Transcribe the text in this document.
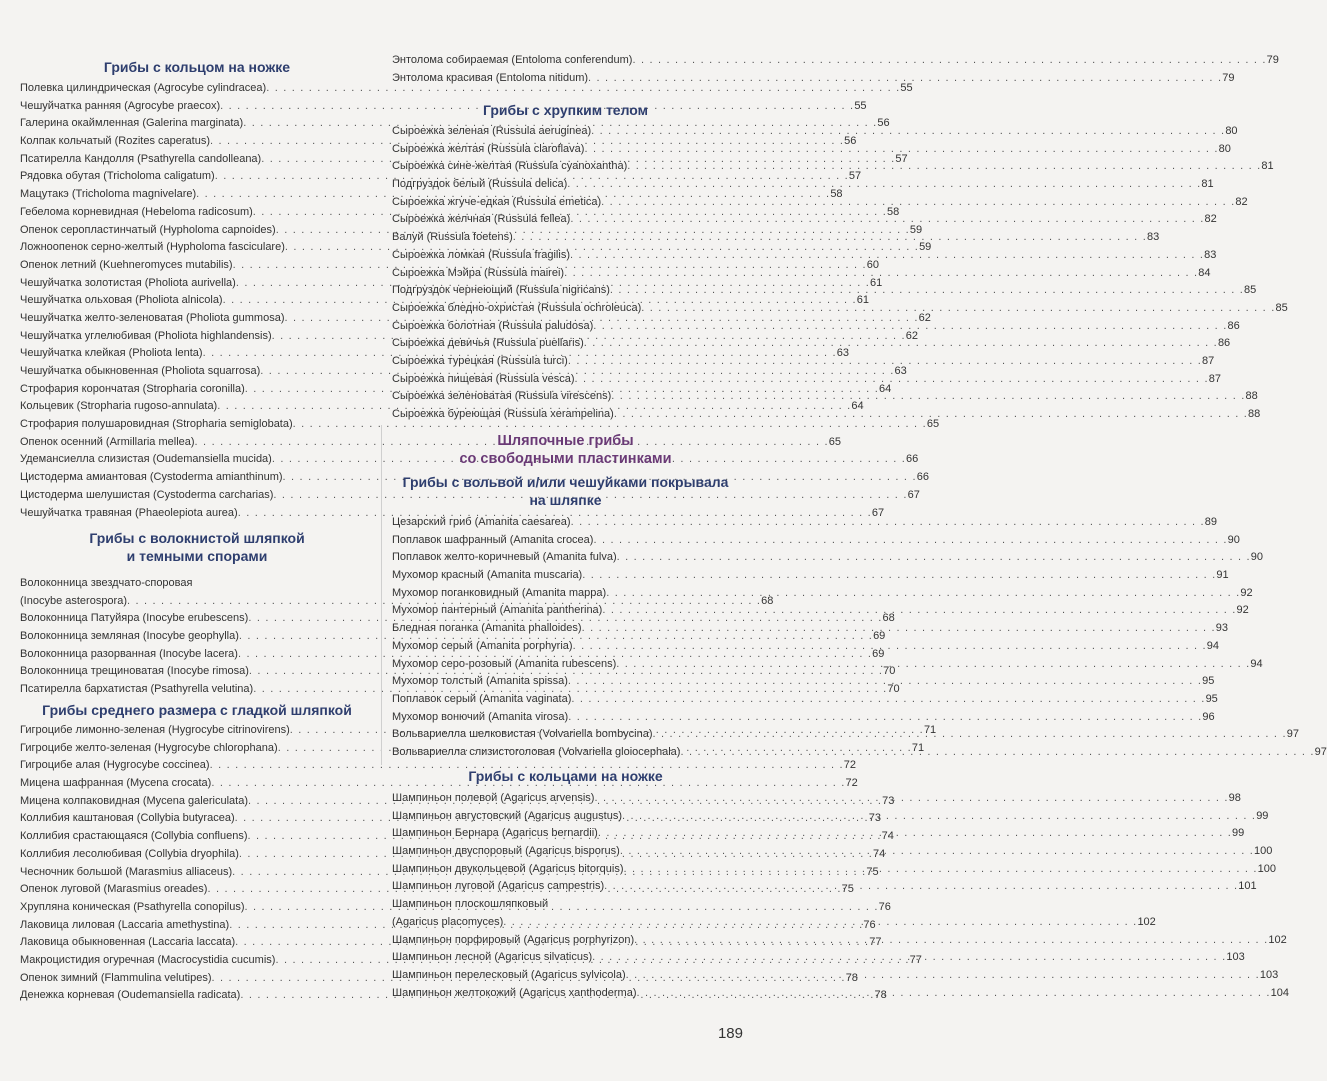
Грибы с кольцом на ножке
Полевка цилиндрическая (Agrocybe cylindracea) . . .	55
Чешуйчатка ранняя (Agrocybe praecox) . . .	55
Галерина окаймленная (Galerina marginata) . . .	56
Колпак кольчатый (Rozites caperatus) . . .	56
Псатирелла Кандолля (Psathyrella candolleana) . . .	57
Рядовка обутая (Tricholoma caligatum) . . .	57
Мацутакэ (Tricholoma magnivelare) . . .	58
Гебелома корневидная (Hebeloma radicosum) . . .	58
Опенок серопластинчатый (Hypholoma capnoides) . . .	59
Ложноопенок серно-желтый (Hypholoma fasciculare) . . .	59
Опенок летний (Kuehneromyces mutabilis) . . .	60
Чешуйчатка золотистая (Pholiota aurivella) . . .	61
Чешуйчатка ольховая (Pholiota alnicola) . . .	61
Чешуйчатка желто-зеленоватая (Pholiota gummosa) . . .	62
Чешуйчатка углелюбивая (Pholiota highlandensis) . . .	62
Чешуйчатка клейкая (Pholiota lenta) . . .	63
Чешуйчатка обыкновенная (Pholiota squarrosa) . . .	63
Строфария корончатая (Stropharia coronilla) . . .	64
Кольцевик (Stropharia rugoso-annulata) . . .	64
Строфария полушаровидная (Stropharia semiglobata) . . .	65
Опенок осенний (Armillaria mellea) . . .	65
Удемансиелла слизистая (Oudemansiella mucida) . . .	66
Цистодерма амиантовая (Cystoderma amianthinum) . . .	66
Цистодерма шелушистая (Cystoderma carcharias) . . .	67
Чешуйчатка травяная (Phaeolepiota aurea) . . .	67
Грибы с волокнистой шляпкой
и темными спорами
Волоконница звездчато-споровая
(Inocybe asterospora) . . .	68
Волоконница Патуйяра (Inocybe erubescens) . . .	68
Волоконница земляная (Inocybe geophylla) . . .	69
Волоконница разорванная (Inocybe lacera) . . .	69
Волоконница трещиноватая (Inocybe rimosa) . . .	70
Псатирелла бархатистая (Psathyrella velutina) . . .	70
Грибы среднего размера с гладкой шляпкой
Гигроцибе лимонно-зеленая (Hygrocybe citrinovirens) . . .	71
Гигроцибе желто-зеленая (Hygrocybe chlorophana) . . .	71
Гигроцибе алая (Hygrocybe coccinea) . . .	72
Мицена шафранная (Mycena crocata) . . .	72
Мицена колпаковидная (Mycena galericulata) . . .	73
Коллибия каштановая (Collybia butyracea) . . .	73
Коллибия срастающаяся (Collybia confluens) . . .	74
Коллибия лесолюбивая (Collybia dryophila) . . .	74
Чесночник большой (Marasmius alliaceus) . . .	75
Опенок луговой (Marasmius oreades) . . .	75
Хрупляна коническая (Psathyrella conopilus) . . .	76
Лаковица лиловая (Laccaria amethystina) . . .	76
Лаковица обыкновенная (Laccaria laccata) . . .	77
Макроцистидия огуречная (Macrocystidia cucumis) . . .	77
Опенок зимний (Flammulina velutipes) . . .	78
Денежка корневая (Oudemansiella radicata) . . .	78
Энтолома собираемая (Entoloma conferendum) . . .	79
Энтолома красивая (Entoloma nitidum) . . .	79
Грибы с хрупким телом
Сыроежка зеленая (Russula aeruginea) . . .	80
Сыроежка желтая (Russula claroflava) . . .	80
Сыроежка сине-желтая (Russula cyanoxantha) . . .	81
Подгруздок белый (Russula delica) . . .	81
Сыроежка жгуче-едкая (Russula emetica) . . .	82
Сыроежка желчная (Russula fellea) . . .	82
Валуй (Russula foetens) . . .	83
Сыроежка ломкая (Russula fragilis) . . .	83
Сыроежка Мэйра (Russula mairei) . . .	84
Подгруздок чернеющий (Russula nigricans) . . .	85
Сыроежка бледно-охристая (Russula ochroleuca) . . .	85
Сыроежка болотная (Russula paludosa) . . .	86
Сыроежка девичья (Russula puellaris) . . .	86
Сыроежка турецкая (Russula turci) . . .	87
Сыроежка пищевая (Russula vesca) . . .	87
Сыроежка зеленоватая (Russula virescens) . . .	88
Сыроежка буреющая (Russula xerampelina) . . .	88
Шляпочные грибы
со свободными пластинками
Грибы с вольвой и/или чешуйками покрывала
на шляпке
Цезарский гриб (Amanita caesarea) . . .	89
Поплавок шафранный (Amanita crocea) . . .	90
Поплавок желто-коричневый (Amanita fulva) . . .	90
Мухомор красный (Amanita muscaria) . . .	91
Мухомор поганковидный (Amanita mappa) . . .	92
Мухомор пантерный (Amanita pantherina) . . .	92
Бледная поганка (Amanita phalloides) . . .	93
Мухомор серый (Amanita porphyria) . . .	94
Мухомор серо-розовый (Amanita rubescens) . . .	94
Мухомор толстый (Amanita spissa) . . .	95
Поплавок серый (Amanita vaginata) . . .	95
Мухомор вонючий (Amanita virosa) . . .	96
Вольвариелла шелковистая (Volvariella bombycina) . . .	97
Вольвариелла слизистоголовая (Volvariella gloiocephala) . . .	97
Грибы с кольцами на ножке
Шампиньон полевой (Agaricus arvensis) . . .	98
Шампиньон августовский (Agaricus augustus) . . .	99
Шампиньон Бернара (Agaricus bernardii) . . .	99
Шампиньон двуспоровый (Agaricus bisporus) . . .	100
Шампиньон двукольцевой (Agaricus bitorquis) . . .	100
Шампиньон луговой (Agaricus campestris) . . .	101
Шампиньон плоскошляпковый
(Agaricus placomyces) . . .	102
Шампиньон порфировый (Agaricus porphyrizon) . . .	102
Шампиньон лесной (Agaricus silvaticus) . . .	103
Шампиньон перелесковый (Agaricus sylvicola) . . .	103
Шампиньон желтокожий (Agaricus xanthoderma) . . .	104
189
